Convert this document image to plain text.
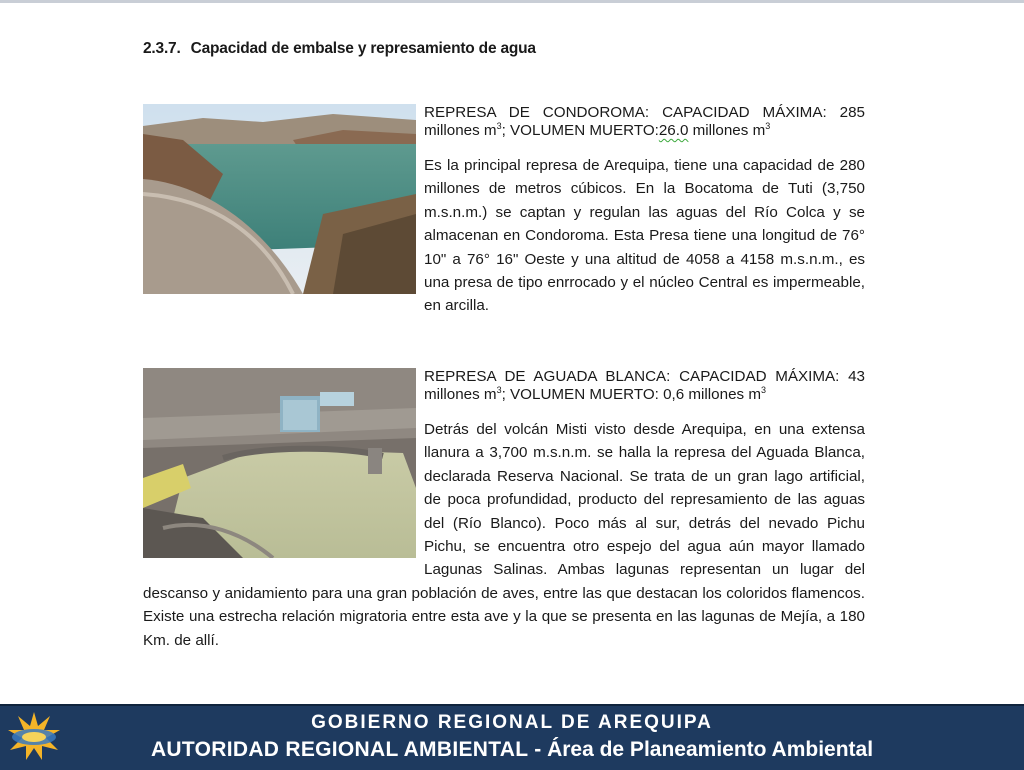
2.3.7. Capacidad de embalse y represamiento de agua

REPRESA DE CONDOROMA: CAPACIDAD MÁXIMA: 285 millones $m^3$; VOLUMEN MUERTO:26.0 millones $m^3$

Es la principal represa de Arequipa, tiene una capacidad de 280 millones de metros cúbicos. En la Bocatoma de Tuti (3,750 m.s.n.m.) se captan y regulan las aguas del Río Colca y se almacenan en Condoroma. Esta Presa tiene una longitud de 76° 10" a 76° 16" Oeste y una altitud de 4058 a 4158 m.s.n.m., es una presa de tipo enrrocado y el núcleo Central es impermeable, en arcilla.

REPRESA DE AGUADA BLANCA: CAPACIDAD MÁXIMA: 43 millones $m^3$; VOLUMEN MUERTO: 0,6 millones $m^3$

Detrás del volcán Misti visto desde Arequipa, en una extensa llanura a 3,700 m.s.n.m. se halla la represa del Aguada Blanca, declarada Reserva Nacional. Se trata de un gran lago artificial, de poca profundidad, producto del represamiento de las aguas del (Río Blanco). Poco más al sur, detrás del nevado Pichu Pichu, se encuentra otro espejo del agua aún mayor llamado Lagunas Salinas. Ambas lagunas representan un lugar del descanso y anidamiento para una gran población de aves, entre las que destacan los coloridos flamencos. Existe una estrecha relación migratoria entre esta ave y la que se presenta en las lagunas de Mejía, a 180 Km. de allí.

GOBIERNO REGIONAL DE AREQUIPA
AUTORIDAD REGIONAL AMBIENTAL - Área de Planeamiento Ambiental
